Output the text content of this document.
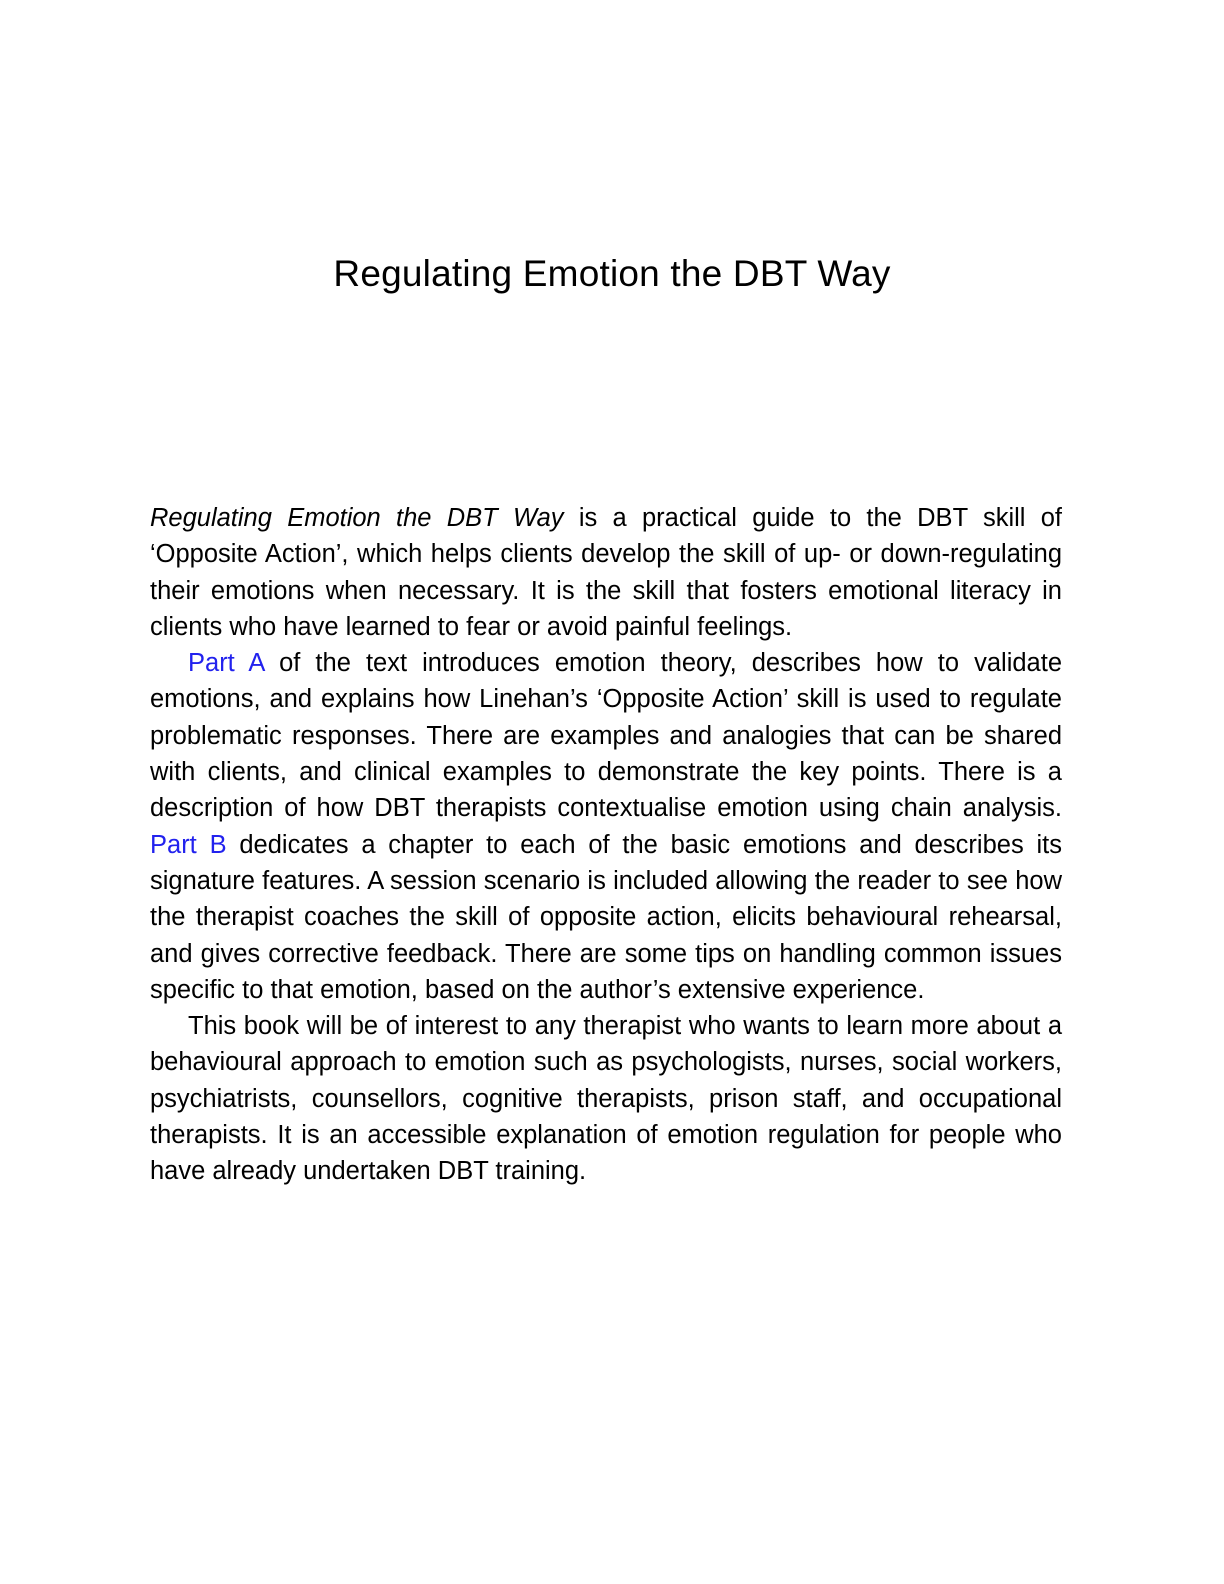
Regulating Emotion the DBT Way

Regulating Emotion the DBT Way is a practical guide to the DBT skill of ‘Opposite Action’, which helps clients develop the skill of up- or down-regulating their emotions when necessary. It is the skill that fosters emotional literacy in clients who have learned to fear or avoid painful feelings.

Part A of the text introduces emotion theory, describes how to validate emotions, and explains how Linehan’s ‘Opposite Action’ skill is used to regulate problematic responses. There are examples and analogies that can be shared with clients, and clinical examples to demonstrate the key points. There is a description of how DBT therapists contextualise emotion using chain analysis. Part B dedicates a chapter to each of the basic emotions and describes its signature features. A session scenario is included allowing the reader to see how the therapist coaches the skill of opposite action, elicits behavioural rehearsal, and gives corrective feedback. There are some tips on handling common issues specific to that emotion, based on the author’s extensive experience.

This book will be of interest to any therapist who wants to learn more about a behavioural approach to emotion such as psychologists, nurses, social workers, psychiatrists, counsellors, cognitive therapists, prison staff, and occupational therapists. It is an accessible explanation of emotion regulation for people who have already undertaken DBT training.
